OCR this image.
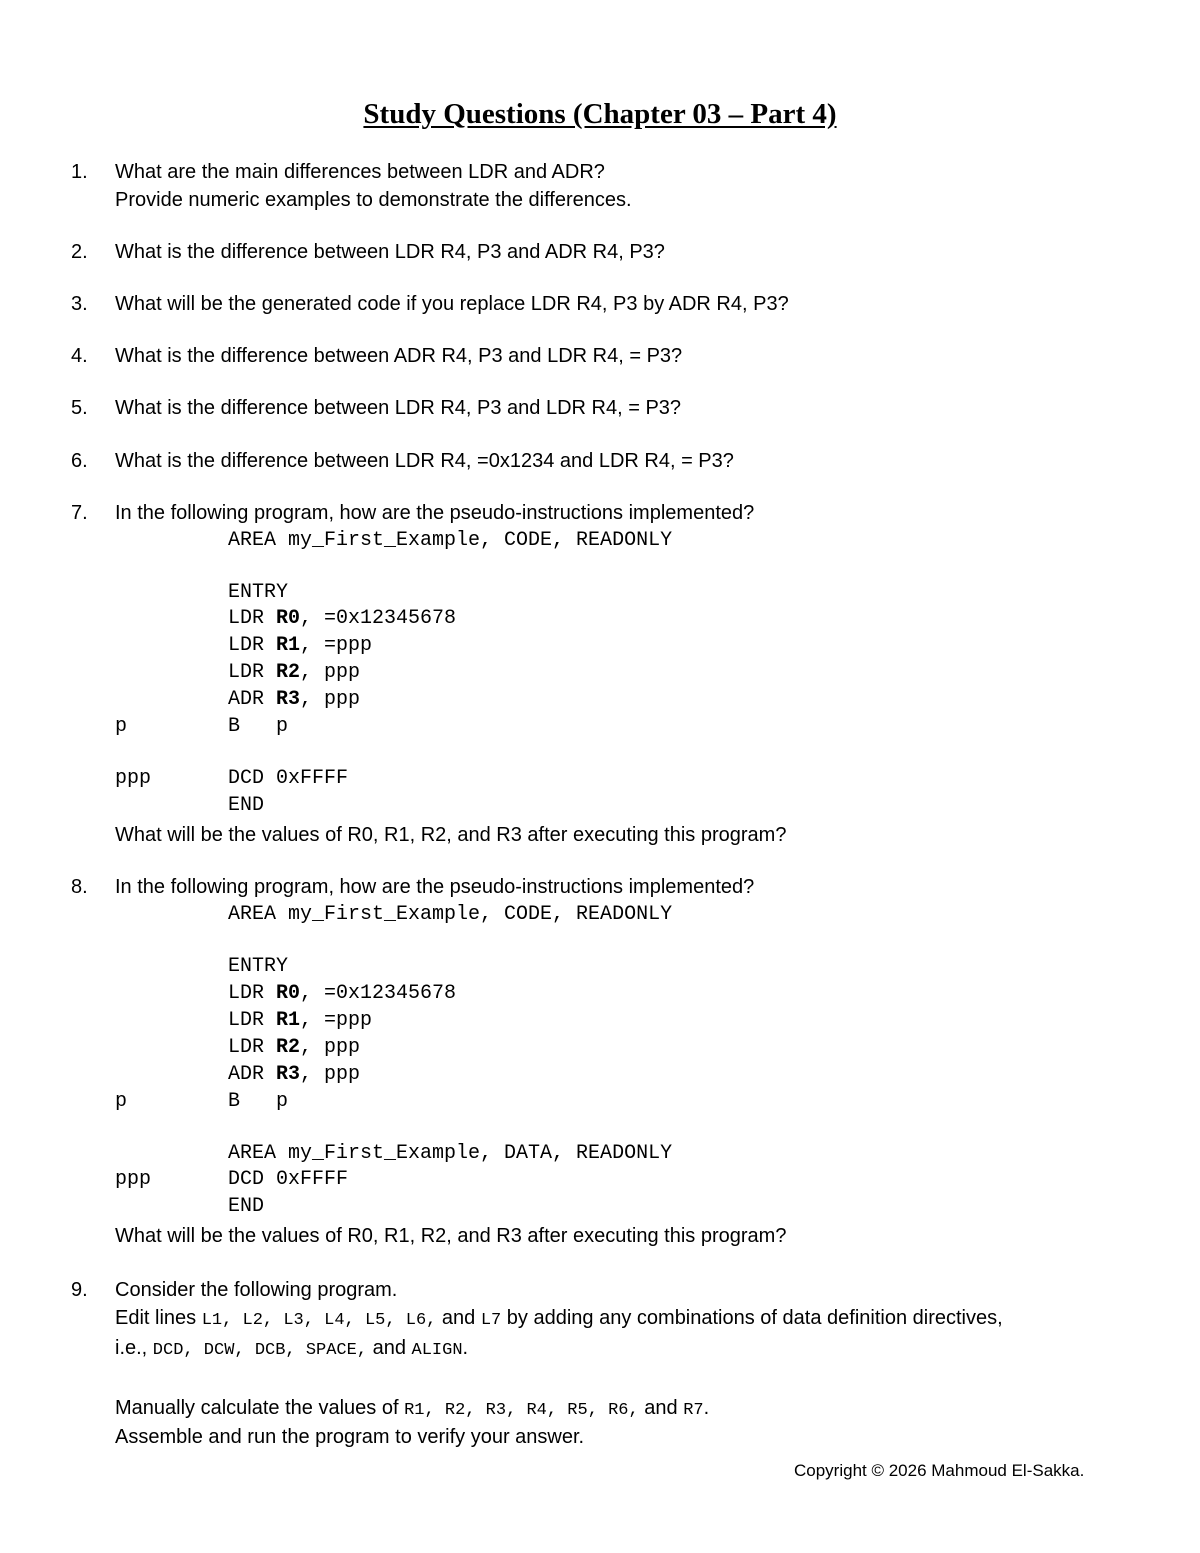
Study Questions (Chapter 03 – Part 4)
1. What are the main differences between LDR and ADR?
Provide numeric examples to demonstrate the differences.
2. What is the difference between LDR R4, P3 and ADR R4, P3?
3. What will be the generated code if you replace LDR R4, P3 by ADR R4, P3?
4. What is the difference between ADR R4, P3 and LDR R4, = P3?
5. What is the difference between LDR R4, P3 and LDR R4, = P3?
6. What is the difference between LDR R4, =0x1234 and LDR R4, = P3?
7. In the following program, how are the pseudo-instructions implemented?
AREA my_First_Example, CODE, READONLY
ENTRY
LDR R0, =0x12345678
LDR R1, =ppp
LDR R2, ppp
ADR R3, ppp
p	B   p
ppp	DCD 0xFFFF
END
What will be the values of R0, R1, R2, and R3 after executing this program?
8. In the following program, how are the pseudo-instructions implemented?
AREA my_First_Example, CODE, READONLY
ENTRY
LDR R0, =0x12345678
LDR R1, =ppp
LDR R2, ppp
ADR R3, ppp
p	B   p
AREA my_First_Example, DATA, READONLY
ppp	DCD 0xFFFF
END
What will be the values of R0, R1, R2, and R3 after executing this program?
9. Consider the following program.
Edit lines L1, L2, L3, L4, L5, L6, and L7 by adding any combinations of data definition directives,
i.e., DCD, DCW, DCB, SPACE, and ALIGN.
Manually calculate the values of R1, R2, R3, R4, R5, R6, and R7.
Assemble and run the program to verify your answer.
Copyright © 2026 Mahmoud El-Sakka.
